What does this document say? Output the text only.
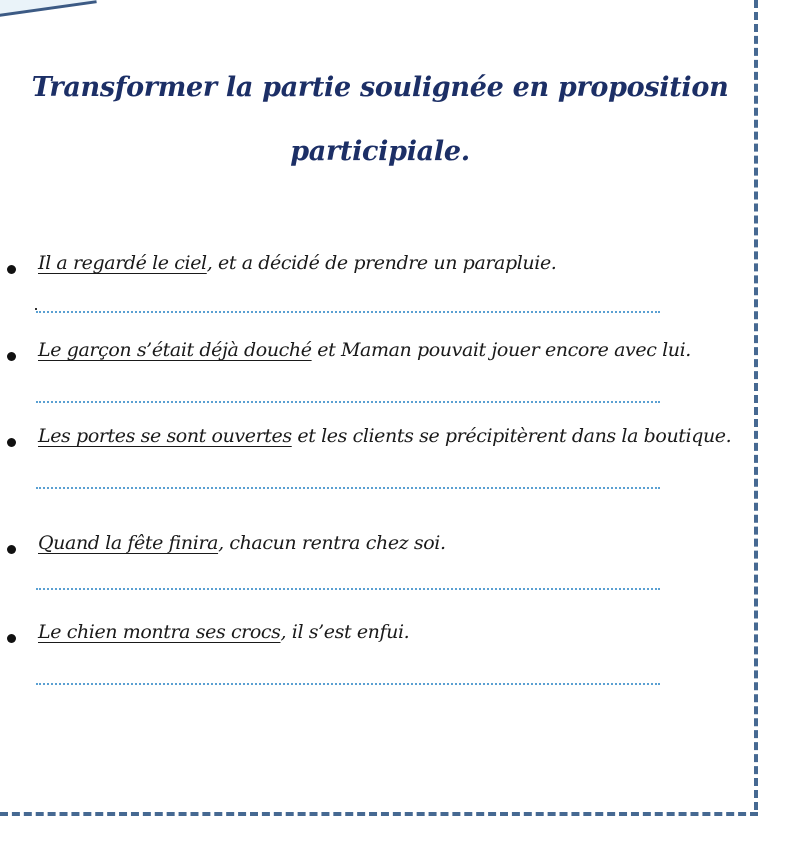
Transformer la partie soulignée en proposition participiale.
Il a regardé le ciel, et a décidé de prendre un parapluie.
Le garçon s’était déjà douché et Maman pouvait jouer encore avec lui.
Les portes se sont ouvertes et les clients se précipitèrent dans la boutique.
Quand la fête finira, chacun rentra chez soi.
Le chien montra ses crocs, il s’est enfui.
